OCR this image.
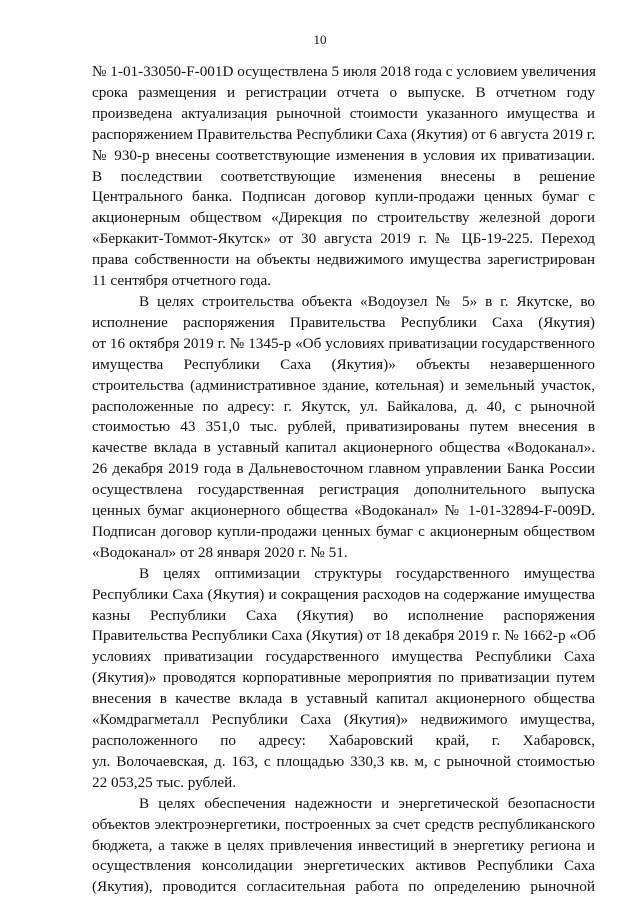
10
№ 1-01-33050-F-001D осуществлена 5 июля 2018 года с условием увеличения
срока размещения и регистрации отчета о выпуске. В отчетном году
произведена актуализация рыночной стоимости указанного имущества и
распоряжением Правительства Республики Саха (Якутия) от 6 августа 2019 г.
№ 930-р внесены соответствующие изменения в условия их приватизации.
В последствии соответствующие изменения внесены в решение
Центрального банка. Подписан договор купли-продажи ценных бумаг с
акционерным обществом «Дирекция по строительству железной дороги
«Беркакит-Томмот-Якутск» от 30 августа 2019 г. № ЦБ-19-225. Переход
права собственности на объекты недвижимого имущества зарегистрирован
11 сентября отчетного года.
В целях строительства объекта «Водоузел № 5» в г. Якутске, во
исполнение распоряжения Правительства Республики Саха (Якутия)
от 16 октября 2019 г. № 1345-р «Об условиях приватизации государственного
имущества Республики Саха (Якутия)» объекты незавершенного
строительства (административное здание, котельная) и земельный участок,
расположенные по адресу: г. Якутск, ул. Байкалова, д. 40, с рыночной
стоимостью 43 351,0 тыс. рублей, приватизированы путем внесения в
качестве вклада в уставный капитал акционерного общества «Водоканал».
26 декабря 2019 года в Дальневосточном главном управлении Банка России
осуществлена государственная регистрация дополнительного выпуска
ценных бумаг акционерного общества «Водоканал» № 1-01-32894-F-009D.
Подписан договор купли-продажи ценных бумаг с акционерным обществом
«Водоканал» от 28 января 2020 г. № 51.
В целях оптимизации структуры государственного имущества
Республики Саха (Якутия) и сокращения расходов на содержание имущества
казны Республики Саха (Якутия) во исполнение распоряжения
Правительства Республики Саха (Якутия) от 18 декабря 2019 г. № 1662-р «Об
условиях приватизации государственного имущества Республики Саха
(Якутия)» проводятся корпоративные мероприятия по приватизации путем
внесения в качестве вклада в уставный капитал акционерного общества
«Комдрагметалл Республики Саха (Якутия)» недвижимого имущества,
расположенного по адресу: Хабаровский край, г. Хабаровск,
ул. Волочаевская, д. 163, с площадью 330,3 кв. м, с рыночной стоимостью
22 053,25 тыс. рублей.
В целях обеспечения надежности и энергетической безопасности
объектов электроэнергетики, построенных за счет средств республиканского
бюджета, а также в целях привлечения инвестиций в энергетику региона и
осуществления консолидации энергетических активов Республики Саха
(Якутия), проводится согласительная работа по определению рыночной
